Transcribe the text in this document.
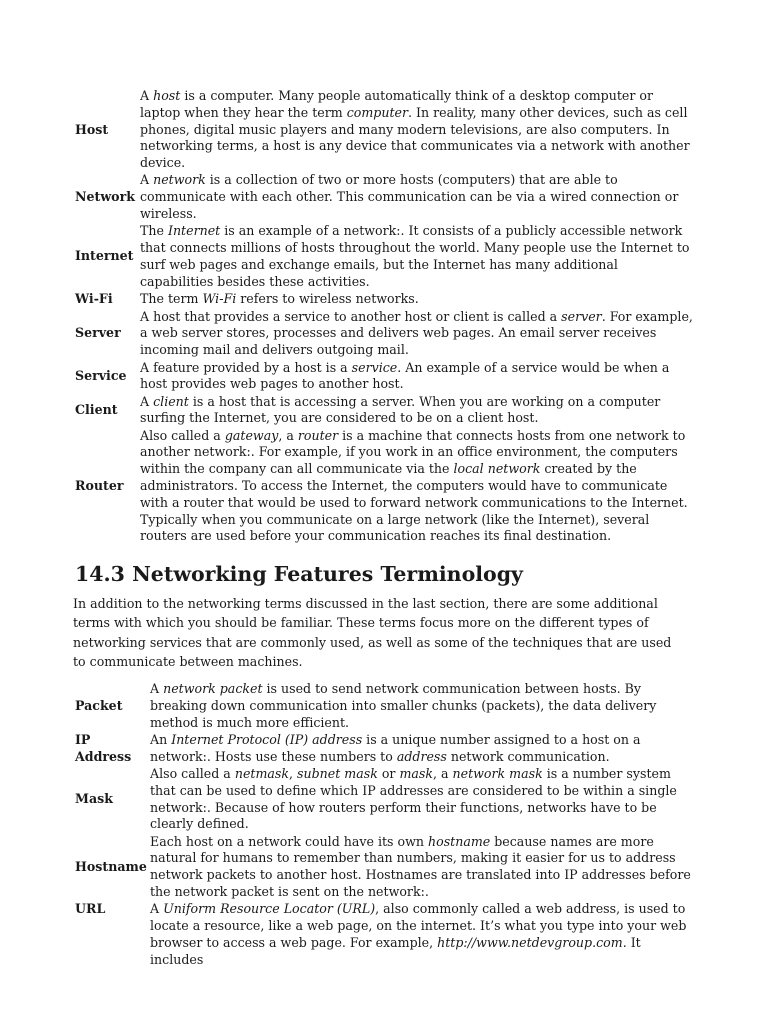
Host	A host is a computer. Many people automatically think of a desktop computer or laptop when they hear the term computer. In reality, many other devices, such as cell phones, digital music players and many modern televisions, are also computers. In networking terms, a host is any device that communicates via a network with another device.
Network	A network is a collection of two or more hosts (computers) that are able to communicate with each other. This communication can be via a wired connection or wireless.
Internet	The Internet is an example of a network:. It consists of a publicly accessible network that connects millions of hosts throughout the world. Many people use the Internet to surf web pages and exchange emails, but the Internet has many additional capabilities besides these activities.
Wi-Fi	The term Wi-Fi refers to wireless networks.
Server	A host that provides a service to another host or client is called a server. For example, a web server stores, processes and delivers web pages. An email server receives incoming mail and delivers outgoing mail.
Service	A feature provided by a host is a service. An example of a service would be when a host provides web pages to another host.
Client	A client is a host that is accessing a server. When you are working on a computer surfing the Internet, you are considered to be on a client host.
Router	Also called a gateway, a router is a machine that connects hosts from one network to another network:. For example, if you work in an office environment, the computers within the company can all communicate via the local network created by the administrators. To access the Internet, the computers would have to communicate with a router that would be used to forward network communications to the Internet. Typically when you communicate on a large network (like the Internet), several routers are used before your communication reaches its final destination.
14.3 Networking Features Terminology

In addition to the networking terms discussed in the last section, there are some additional terms with which you should be familiar. These terms focus more on the different types of networking services that are commonly used, as well as some of the techniques that are used to communicate between machines.

Packet	A network packet is used to send network communication between hosts. By breaking down communication into smaller chunks (packets), the data delivery method is much more efficient.
IP Address	An Internet Protocol (IP) address is a unique number assigned to a host on a network:. Hosts use these numbers to address network communication.
Mask	Also called a netmask, subnet mask or mask, a network mask is a number system that can be used to define which IP addresses are considered to be within a single network:. Because of how routers perform their functions, networks have to be clearly defined.
Hostname	Each host on a network could have its own hostname because names are more natural for humans to remember than numbers, making it easier for us to address network packets to another host. Hostnames are translated into IP addresses before the network packet is sent on the network:.
URL	A Uniform Resource Locator (URL), also commonly called a web address, is used to locate a resource, like a web page, on the internet. It’s what you type into your web browser to access a web page. For example, http://www.netdevgroup.com. It includes
